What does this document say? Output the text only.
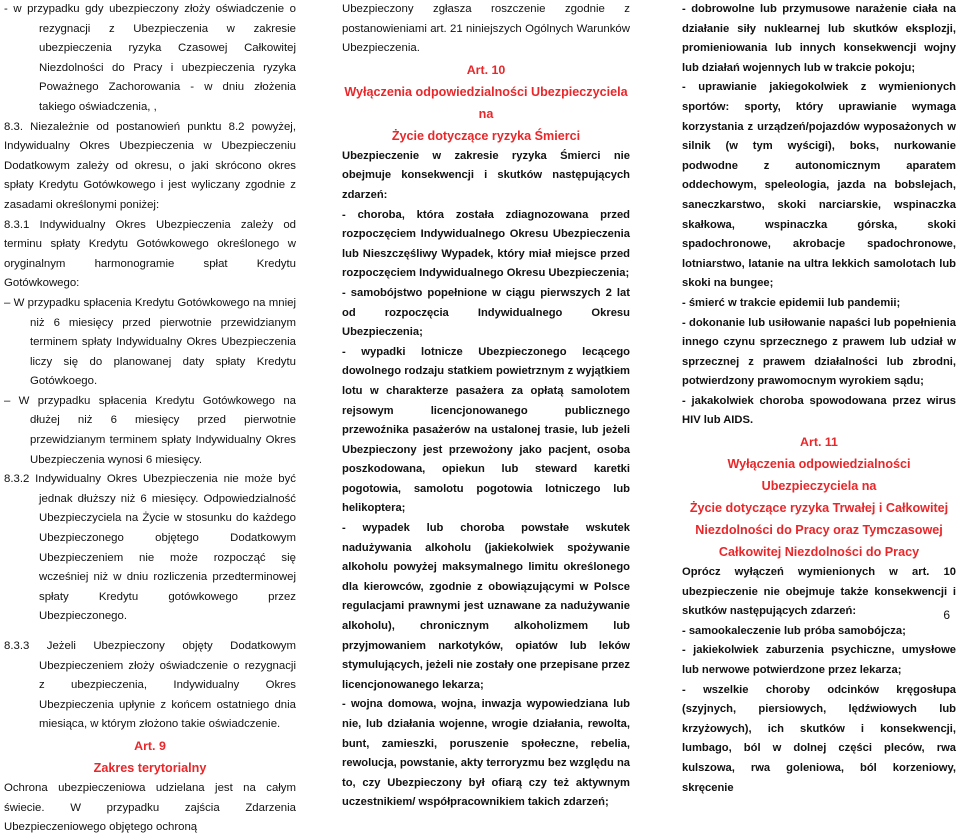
- w przypadku gdy ubezpieczony złoży oświadczenie o rezygnacji z Ubezpieczenia w zakresie ubezpieczenia ryzyka Czasowej Całkowitej Niezdolności do Pracy i ubezpieczenia ryzyka Poważnego Zachorowania - w dniu złożenia takiego oświadczenia, ,

8.3. Niezależnie od postanowień punktu 8.2 powyżej, Indywidualny Okres Ubezpieczenia w Ubezpieczeniu Dodatkowym zależy od okresu, o jaki skrócono okres spłaty Kredytu Gotówkowego i jest wyliczany zgodnie z zasadami określonymi poniżej:

8.3.1 Indywidualny Okres Ubezpieczenia zależy od terminu spłaty Kredytu Gotówkowego określonego w oryginalnym harmonogramie spłat Kredytu Gotówkowego:

– W przypadku spłacenia Kredytu Gotówkowego na mniej niż 6 miesięcy przed pierwotnie przewidzianym terminem spłaty Indywidualny Okres Ubezpieczenia liczy się do planowanej daty spłaty Kredytu Gotówkoego.

– W przypadku spłacenia Kredytu Gotówkowego na dłużej niż 6 miesięcy przed pierwotnie przewidzianym terminem spłaty Indywidualny Okres Ubezpieczenia wynosi 6 miesięcy.

8.3.2 Indywidualny Okres Ubezpieczenia nie może być jednak dłuższy niż 6 miesięcy. Odpowiedzialność Ubezpieczyciela na Życie w stosunku do każdego Ubezpieczonego objętego Dodatkowym Ubezpieczeniem nie może rozpocząć się wcześniej niż w dniu rozliczenia przedterminowej spłaty Kredytu gotówkowego przez Ubezpieczonego.

8.3.3 Jeżeli Ubezpieczony objęty Dodatkowym Ubezpieczeniem złoży oświadczenie o rezygnacji z ubezpieczenia, Indywidualny Okres Ubezpieczenia upłynie z końcem ostatniego dnia miesiąca, w którym złożono takie oświadczenie.

Art. 9

Zakres terytorialny

Ochrona ubezpieczeniowa udzielana jest na całym świecie. W przypadku zajścia Zdarzenia Ubezpieczeniowego objętego ochroną

Ubezpieczony zgłasza roszczenie zgodnie z postanowieniami art. 21 niniejszych Ogólnych Warunków Ubezpieczenia.

Art. 10

Wyłączenia odpowiedzialności Ubezpieczyciela na

Życie dotyczące ryzyka Śmierci

Ubezpieczenie w zakresie ryzyka Śmierci nie obejmuje konsekwencji i skutków następujących zdarzeń:

- choroba, która została zdiagnozowana przed rozpoczęciem Indywidualnego Okresu Ubezpieczenia lub Nieszczęśliwy Wypadek, który miał miejsce przed rozpoczęciem Indywidualnego Okresu Ubezpieczenia;

- samobójstwo popełnione w ciągu pierwszych 2 lat od rozpoczęcia Indywidualnego Okresu Ubezpieczenia;

- wypadki lotnicze Ubezpieczonego lecącego dowolnego rodzaju statkiem powietrznym z wyjątkiem lotu w charakterze pasażera za opłatą samolotem rejsowym licencjonowanego publicznego przewoźnika pasażerów na ustalonej trasie, lub jeżeli Ubezpieczony jest przewożony jako pacjent, osoba poszkodowana, opiekun lub steward karetki pogotowia, samolotu pogotowia lotniczego lub helikoptera;

- wypadek lub choroba powstałe wskutek nadużywania alkoholu (jakiekolwiek spożywanie alkoholu powyżej maksymalnego limitu określonego dla kierowców, zgodnie z obowiązującymi w Polsce regulacjami prawnymi jest uznawane za nadużywanie alkoholu), chronicznym alkoholizmem lub przyjmowaniem narkotyków, opiatów lub leków stymulujących, jeżeli nie zostały one przepisane przez licencjonowanego lekarza;

- wojna domowa, wojna, inwazja wypowiedziana lub nie, lub działania wojenne, wrogie działania, rewolta, bunt, zamieszki, poruszenie społeczne, rebelia, rewolucja, powstanie, akty terroryzmu bez względu na to, czy Ubezpieczony był ofiarą czy też aktywnym uczestnikiem/ współpracownikiem takich zdarzeń;

- dobrowolne lub przymusowe narażenie ciała na działanie siły nuklearnej lub skutków eksplozji, promieniowania lub innych konsekwencji wojny lub działań wojennych lub w trakcie pokoju;

- uprawianie jakiegokolwiek z wymienionych sportów: sporty, który uprawianie wymaga korzystania z urządzeń/pojazdów wyposażonych w silnik (w tym wyścigi), boks, nurkowanie podwodne z autonomicznym aparatem oddechowym, speleologia, jazda na bobslejach, saneczkarstwo, skoki narciarskie, wspinaczka skałkowa, wspinaczka górska, skoki spadochronowe, akrobacje spadochronowe, lotniarstwo, latanie na ultra lekkich samolotach lub skoki na bungee;

- śmierć w trakcie epidemii lub pandemii;

- dokonanie lub usiłowanie napaści lub popełnienia innego czynu sprzecznego z prawem lub udział w sprzecznej z prawem działalności lub zbrodni, potwierdzony prawomocnym wyrokiem sądu;

- jakakolwiek choroba spowodowana przez wirus HIV lub AIDS.

Art. 11

Wyłączenia odpowiedzialności Ubezpieczyciela na

Życie dotyczące ryzyka Trwałej i Całkowitej

Niezdolności do Pracy oraz Tymczasowej

Całkowitej Niezdolności do Pracy

Oprócz wyłączeń wymienionych w art. 10 ubezpieczenie nie obejmuje także konsekwencji i skutków następujących zdarzeń:

- samookaleczenie lub próba samobójcza;

- jakiekolwiek zaburzenia psychiczne, umysłowe lub nerwowe potwierdzone przez lekarza;

- wszelkie choroby odcinków kręgosłupa (szyjnych, piersiowych, lędźwiowych lub krzyżowych), ich skutków i konsekwencji, lumbago, ból w dolnej części pleców, rwa kulszowa, rwa goleniowa, ból korzeniowy, skręcenie

6
